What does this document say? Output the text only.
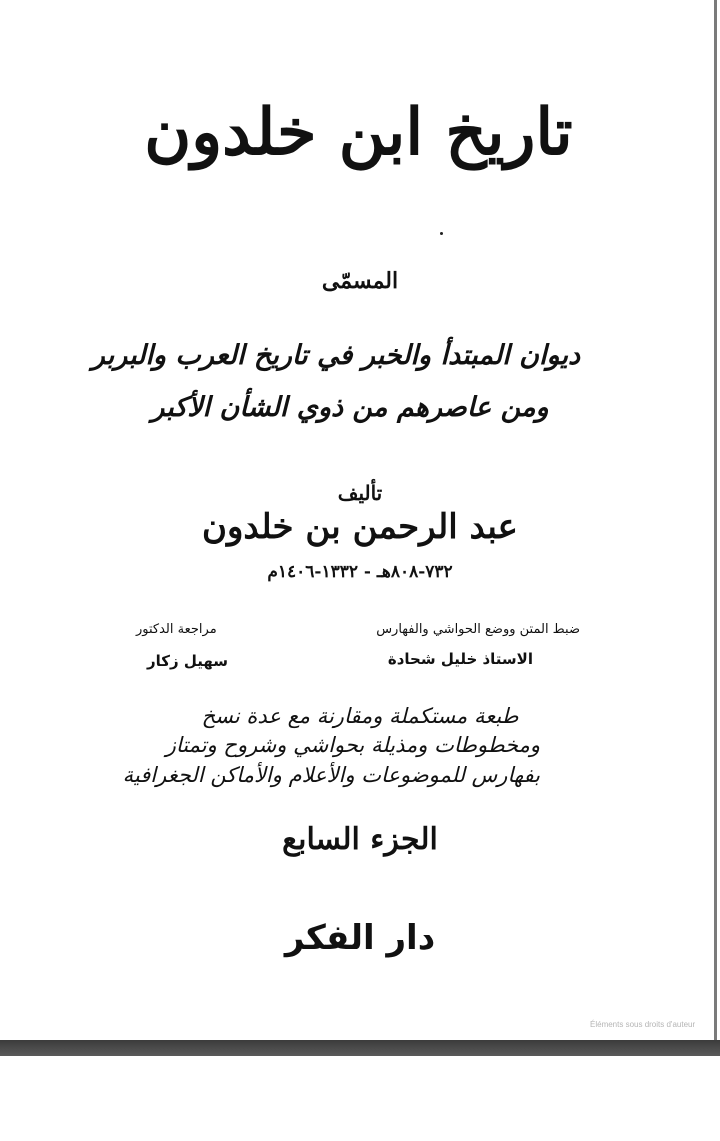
تاريخ ابن خلدون
المسمّى
ديوان المبتدأ والخبر في تاريخ العرب والبربر
ومن عاصرهم من ذوي الشأن الأكبر
تأليف
عبد الرحمن بن خلدون
٧٣٢-٨٠٨هـ - ١٣٣٢-١٤٠٦م
ضبط المتن ووضع الحواشي والفهارس
مراجعة الدكتور
الاستاذ خليل شحادة
سهيل زكار
طبعة مستكملة ومقارنة مع عدة نسخ
ومخطوطات ومذيلة بحواشي وشروح وتمتاز
بفهارس للموضوعات والأعلام والأماكن الجغرافية
الجزء السابع
دار الفكر
Éléments sous droits d'auteur
